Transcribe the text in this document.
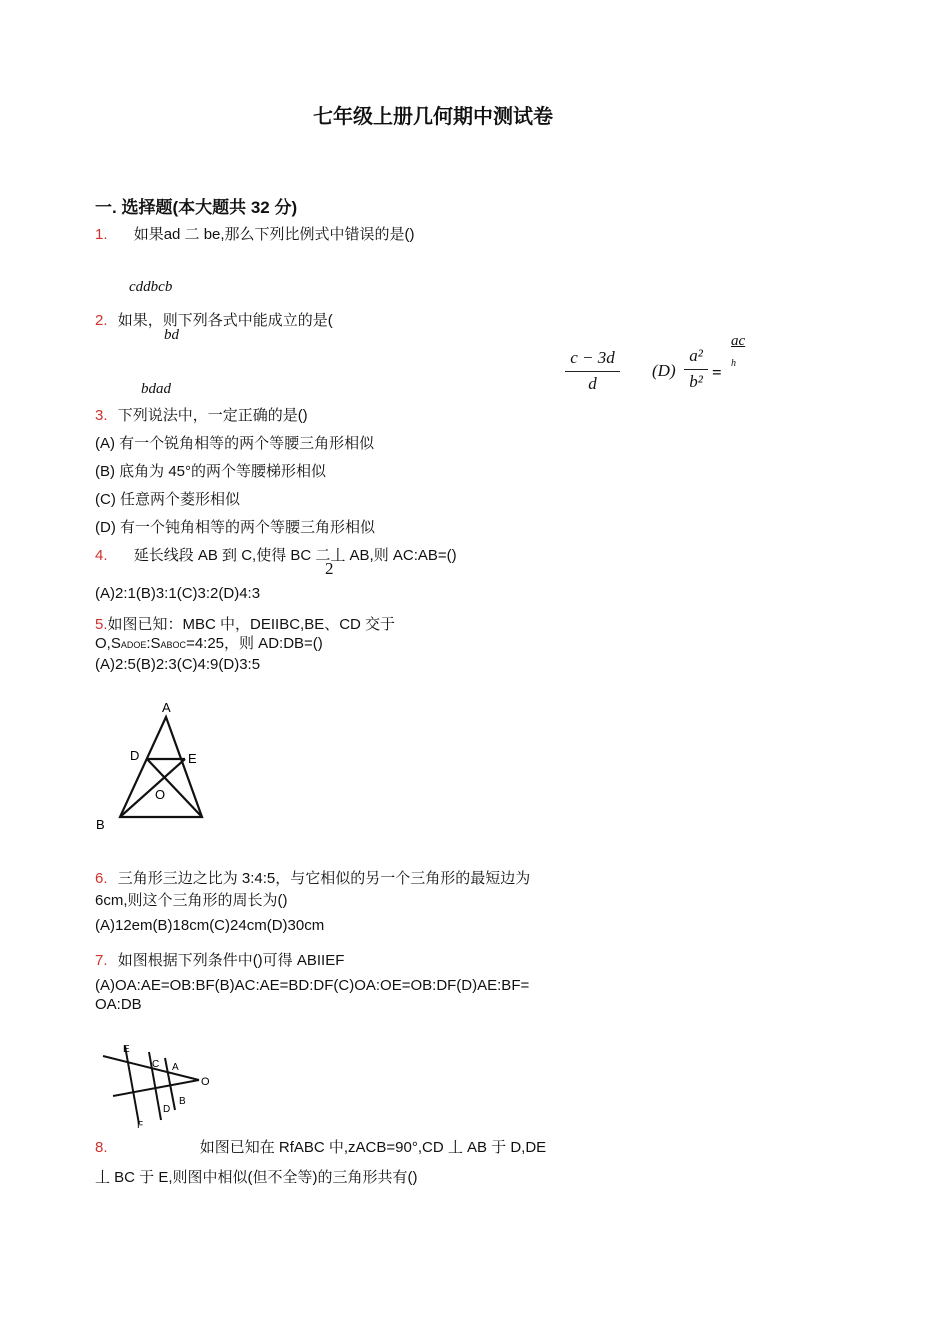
七年级上册几何期中测试卷
一. 选择题(本大题共 32 分)
1. 如果ad 二 be,那么下列比例式中错误的是()
cddbcb
2. 如果，则下列各式中能成立的是(
bd
bdad
c − 3d
d
(D)
a²
b² =
ac
h
3. 下列说法中，一定正确的是()
(A) 有一个锐角相等的两个等腰三角形相似
(B) 底角为 45°的两个等腰梯形相似
(C) 任意两个菱形相似
(D) 有一个钝角相等的两个等腰三角形相似
4. 延长线段 AB 到 C,使得 BC 二丄 AB,则 AC:AB=()
2
(A)2:1(B)3:1(C)3:2(D)4:3
5.如图已知：MBC 中，DEIIBC,BE、CD 交于
O,SADOE:SABOC=4:25，则 AD:DB=()
(A)2:5(B)2:3(C)4:9(D)3:5
A
D	E
O
B
6. 三角形三边之比为 3:4:5，与它相似的另一个三角形的最短边为
6cm,则这个三角形的周长为()
(A)12em(B)18cm(C)24cm(D)30cm
7. 如图根据下列条件中()可得 ABIIEF
(A)OA:AE=OB:BF(B)AC:AE=BD:DF(C)OA:OE=OB:DF(D)AE:BF=
OA:DB
E
C A
O
B
D
F
8.	如图已知在 RfABC 中,zACB=90°,CD 丄 AB 于 D,DE
丄 BC 于 E,则图中相似(但不全等)的三角形共有()
